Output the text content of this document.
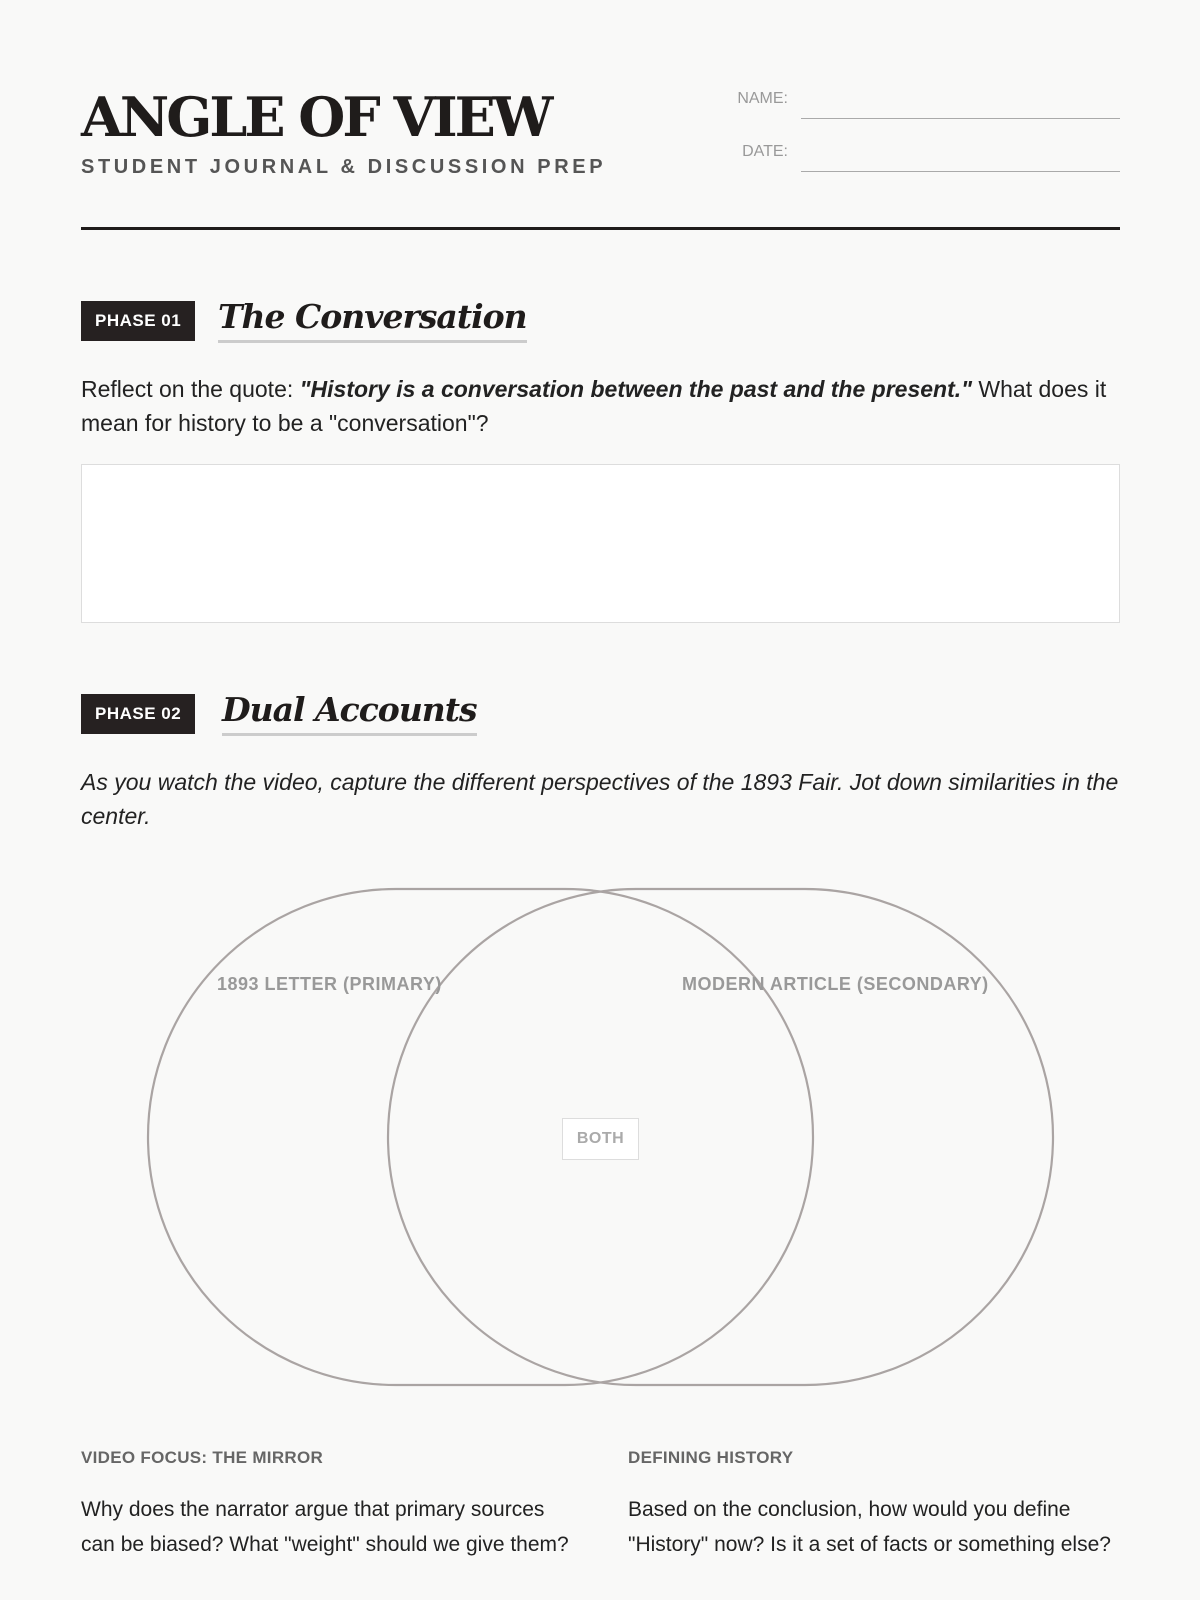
ANGLE OF VIEW
STUDENT JOURNAL & DISCUSSION PREP
NAME:
DATE:
PHASE 01	The Conversation
Reflect on the quote: "History is a conversation between the past and the present." What does it mean for history to be a "conversation"?
PHASE 02	Dual Accounts
As you watch the video, capture the different perspectives of the 1893 Fair. Jot down similarities in the center.
1893 LETTER (PRIMARY)	MODERN ARTICLE (SECONDARY)
BOTH
VIDEO FOCUS: THE MIRROR

Why does the narrator argue that primary sources can be biased? What "weight" should we give them?

DEFINING HISTORY

Based on the conclusion, how would you define "History" now? Is it a set of facts or something else?
